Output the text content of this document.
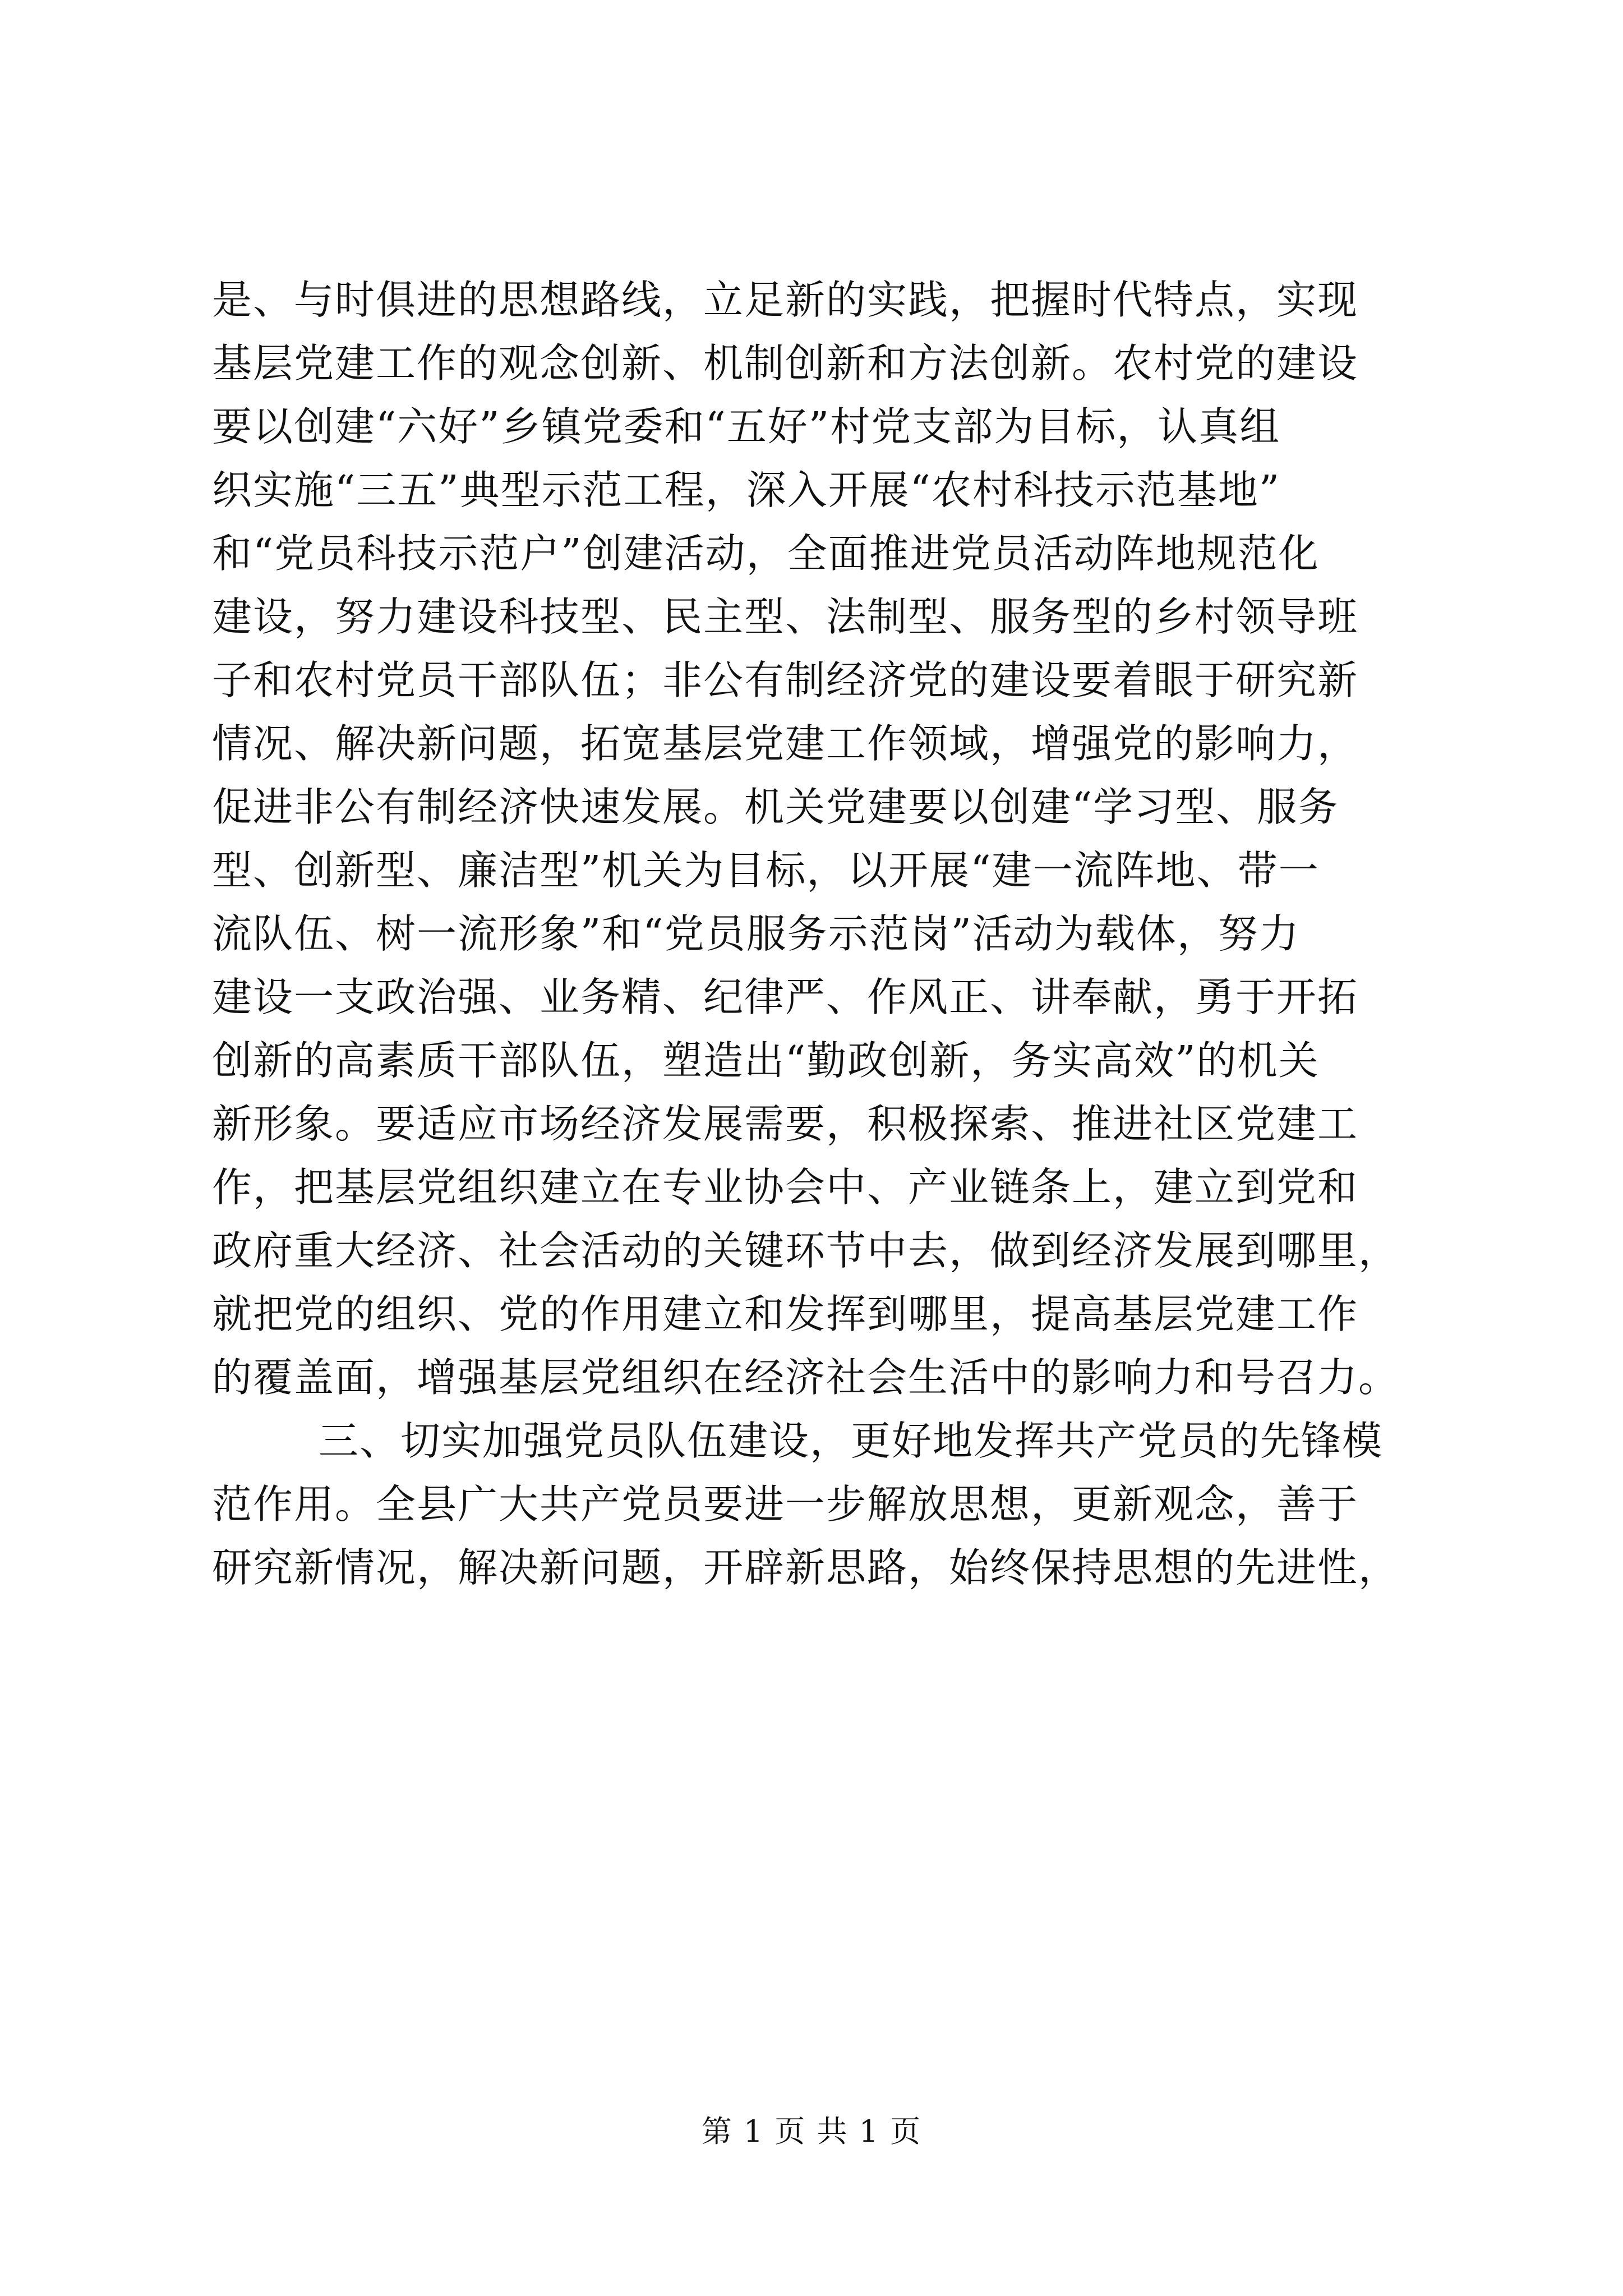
是、与时俱进的思想路线，立足新的实践，把握时代特点，实现
基层党建工作的观念创新、机制创新和方法创新。农村党的建设
要以创建“六好”乡镇党委和“五好”村党支部为目标，认真组
织实施“三五”典型示范工程，深入开展“农村科技示范基地”
和“党员科技示范户”创建活动，全面推进党员活动阵地规范化
建设，努力建设科技型、民主型、法制型、服务型的乡村领导班
子和农村党员干部队伍；非公有制经济党的建设要着眼于研究新
情况、解决新问题，拓宽基层党建工作领域，增强党的影响力，
促进非公有制经济快速发展。机关党建要以创建“学习型、服务
型、创新型、廉洁型”机关为目标，以开展“建一流阵地、带一
流队伍、树一流形象”和“党员服务示范岗”活动为载体，努力
建设一支政治强、业务精、纪律严、作风正、讲奉献，勇于开拓
创新的高素质干部队伍，塑造出“勤政创新，务实高效”的机关
新形象。要适应市场经济发展需要，积极探索、推进社区党建工
作，把基层党组织建立在专业协会中、产业链条上，建立到党和
政府重大经济、社会活动的关键环节中去，做到经济发展到哪里，
就把党的组织、党的作用建立和发挥到哪里，提高基层党建工作
的覆盖面，增强基层党组织在经济社会生活中的影响力和号召力。
三、切实加强党员队伍建设，更好地发挥共产党员的先锋模
范作用。全县广大共产党员要进一步解放思想，更新观念，善于
研究新情况，解决新问题，开辟新思路，始终保持思想的先进性，
第 1 页 共 1 页
